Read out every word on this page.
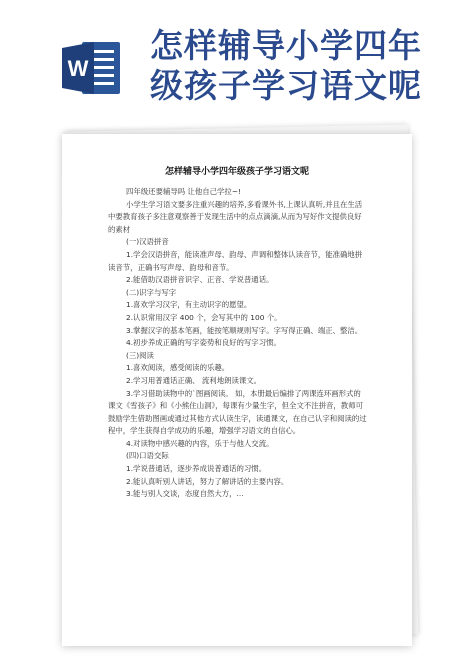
W
怎样辅导小学四年
级孩子学习语文呢
怎样辅导小学四年级孩子学习语文呢

四年级还要辅导吗 让他自己学拉~!

小学生学习语文要多注重兴趣的培养,多看课外书,上课认真听,并且在生活中要教育孩子多注意观察善于发现生活中的点点滴滴,从而为写好作文提供良好的素材

(一)汉语拼音

1.学会汉语拼音，能读准声母、韵母、声调和整体认读音节，能准确地拼读音节，正确书写声母、韵母和音节。

2.能借助汉语拼音识字、正音、学说普通话。

(二)识字与写字

1.喜欢学习汉字，有主动识字的愿望。

2.认识常用汉字 400 个，会写其中的 100 个。

3.掌握汉字的基本笔画，能按笔顺规则写字。字写得正确、端正、整洁。

4.初步养成正确的写字姿势和良好的写字习惯。

(三)阅读

1.喜欢阅读，感受阅读的乐趣。

2.学习用普通话正确、 流利地朗读课文。

3.学习借助读物中的`图画阅读。 如，本册最后编排了两课连环画形式的课文《雪孩子》和《小熊住山洞》，每课有少量生字，但全文不注拼音，教师可鼓励学生借助图画或通过其他方式认读生字，读通课文，在自己认字和阅读的过程中，学生获得自学成功的乐趣，增强学习语文的自信心。

4.对读物中感兴趣的内容，乐于与他人交流。

(四)口语交际

1.学说普通话，逐步养成说普通话的习惯。

2.能认真听别人讲话，努力了解讲话的主要内容。

3.能与别人交谈，态度自然大方，...
